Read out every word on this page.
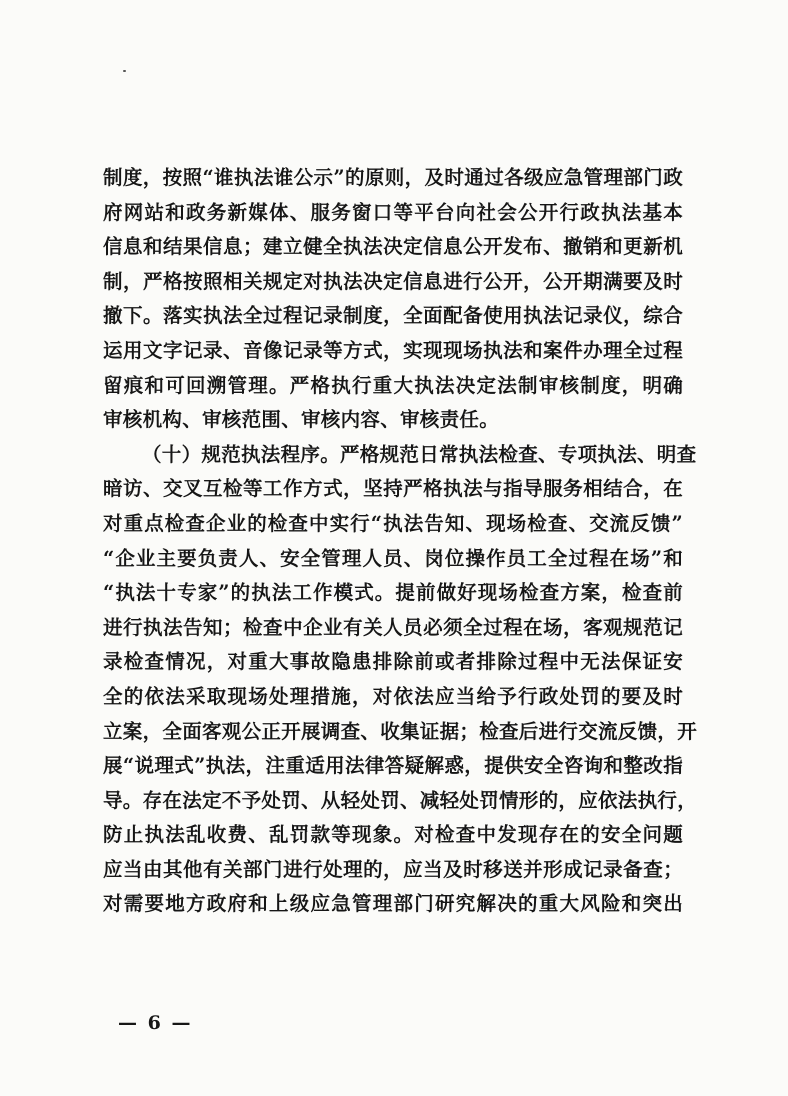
制度，按照“谁执法谁公示”的原则，及时通过各级应急管理部门政
府网站和政务新媒体、服务窗口等平台向社会公开行政执法基本
信息和结果信息；建立健全执法决定信息公开发布、撤销和更新机
制，严格按照相关规定对执法决定信息进行公开，公开期满要及时
撤下。落实执法全过程记录制度，全面配备使用执法记录仪，综合
运用文字记录、音像记录等方式，实现现场执法和案件办理全过程
留痕和可回溯管理。严格执行重大执法决定法制审核制度，明确
审核机构、审核范围、审核内容、审核责任。
（十）规范执法程序。严格规范日常执法检查、专项执法、明查
暗访、交叉互检等工作方式，坚持严格执法与指导服务相结合，在
对重点检查企业的检查中实行“执法告知、现场检查、交流反馈”
“企业主要负责人、安全管理人员、岗位操作员工全过程在场”和
“执法十专家”的执法工作模式。提前做好现场检查方案，检查前
进行执法告知；检查中企业有关人员必须全过程在场，客观规范记
录检查情况，对重大事故隐患排除前或者排除过程中无法保证安
全的依法采取现场处理措施，对依法应当给予行政处罚的要及时
立案，全面客观公正开展调查、收集证据；检查后进行交流反馈，开
展“说理式”执法，注重适用法律答疑解惑，提供安全咨询和整改指
导。存在法定不予处罚、从轻处罚、减轻处罚情形的，应依法执行，
防止执法乱收费、乱罚款等现象。对检查中发现存在的安全问题
应当由其他有关部门进行处理的，应当及时移送并形成记录备查；
对需要地方政府和上级应急管理部门研究解决的重大风险和突出
— 6 —
